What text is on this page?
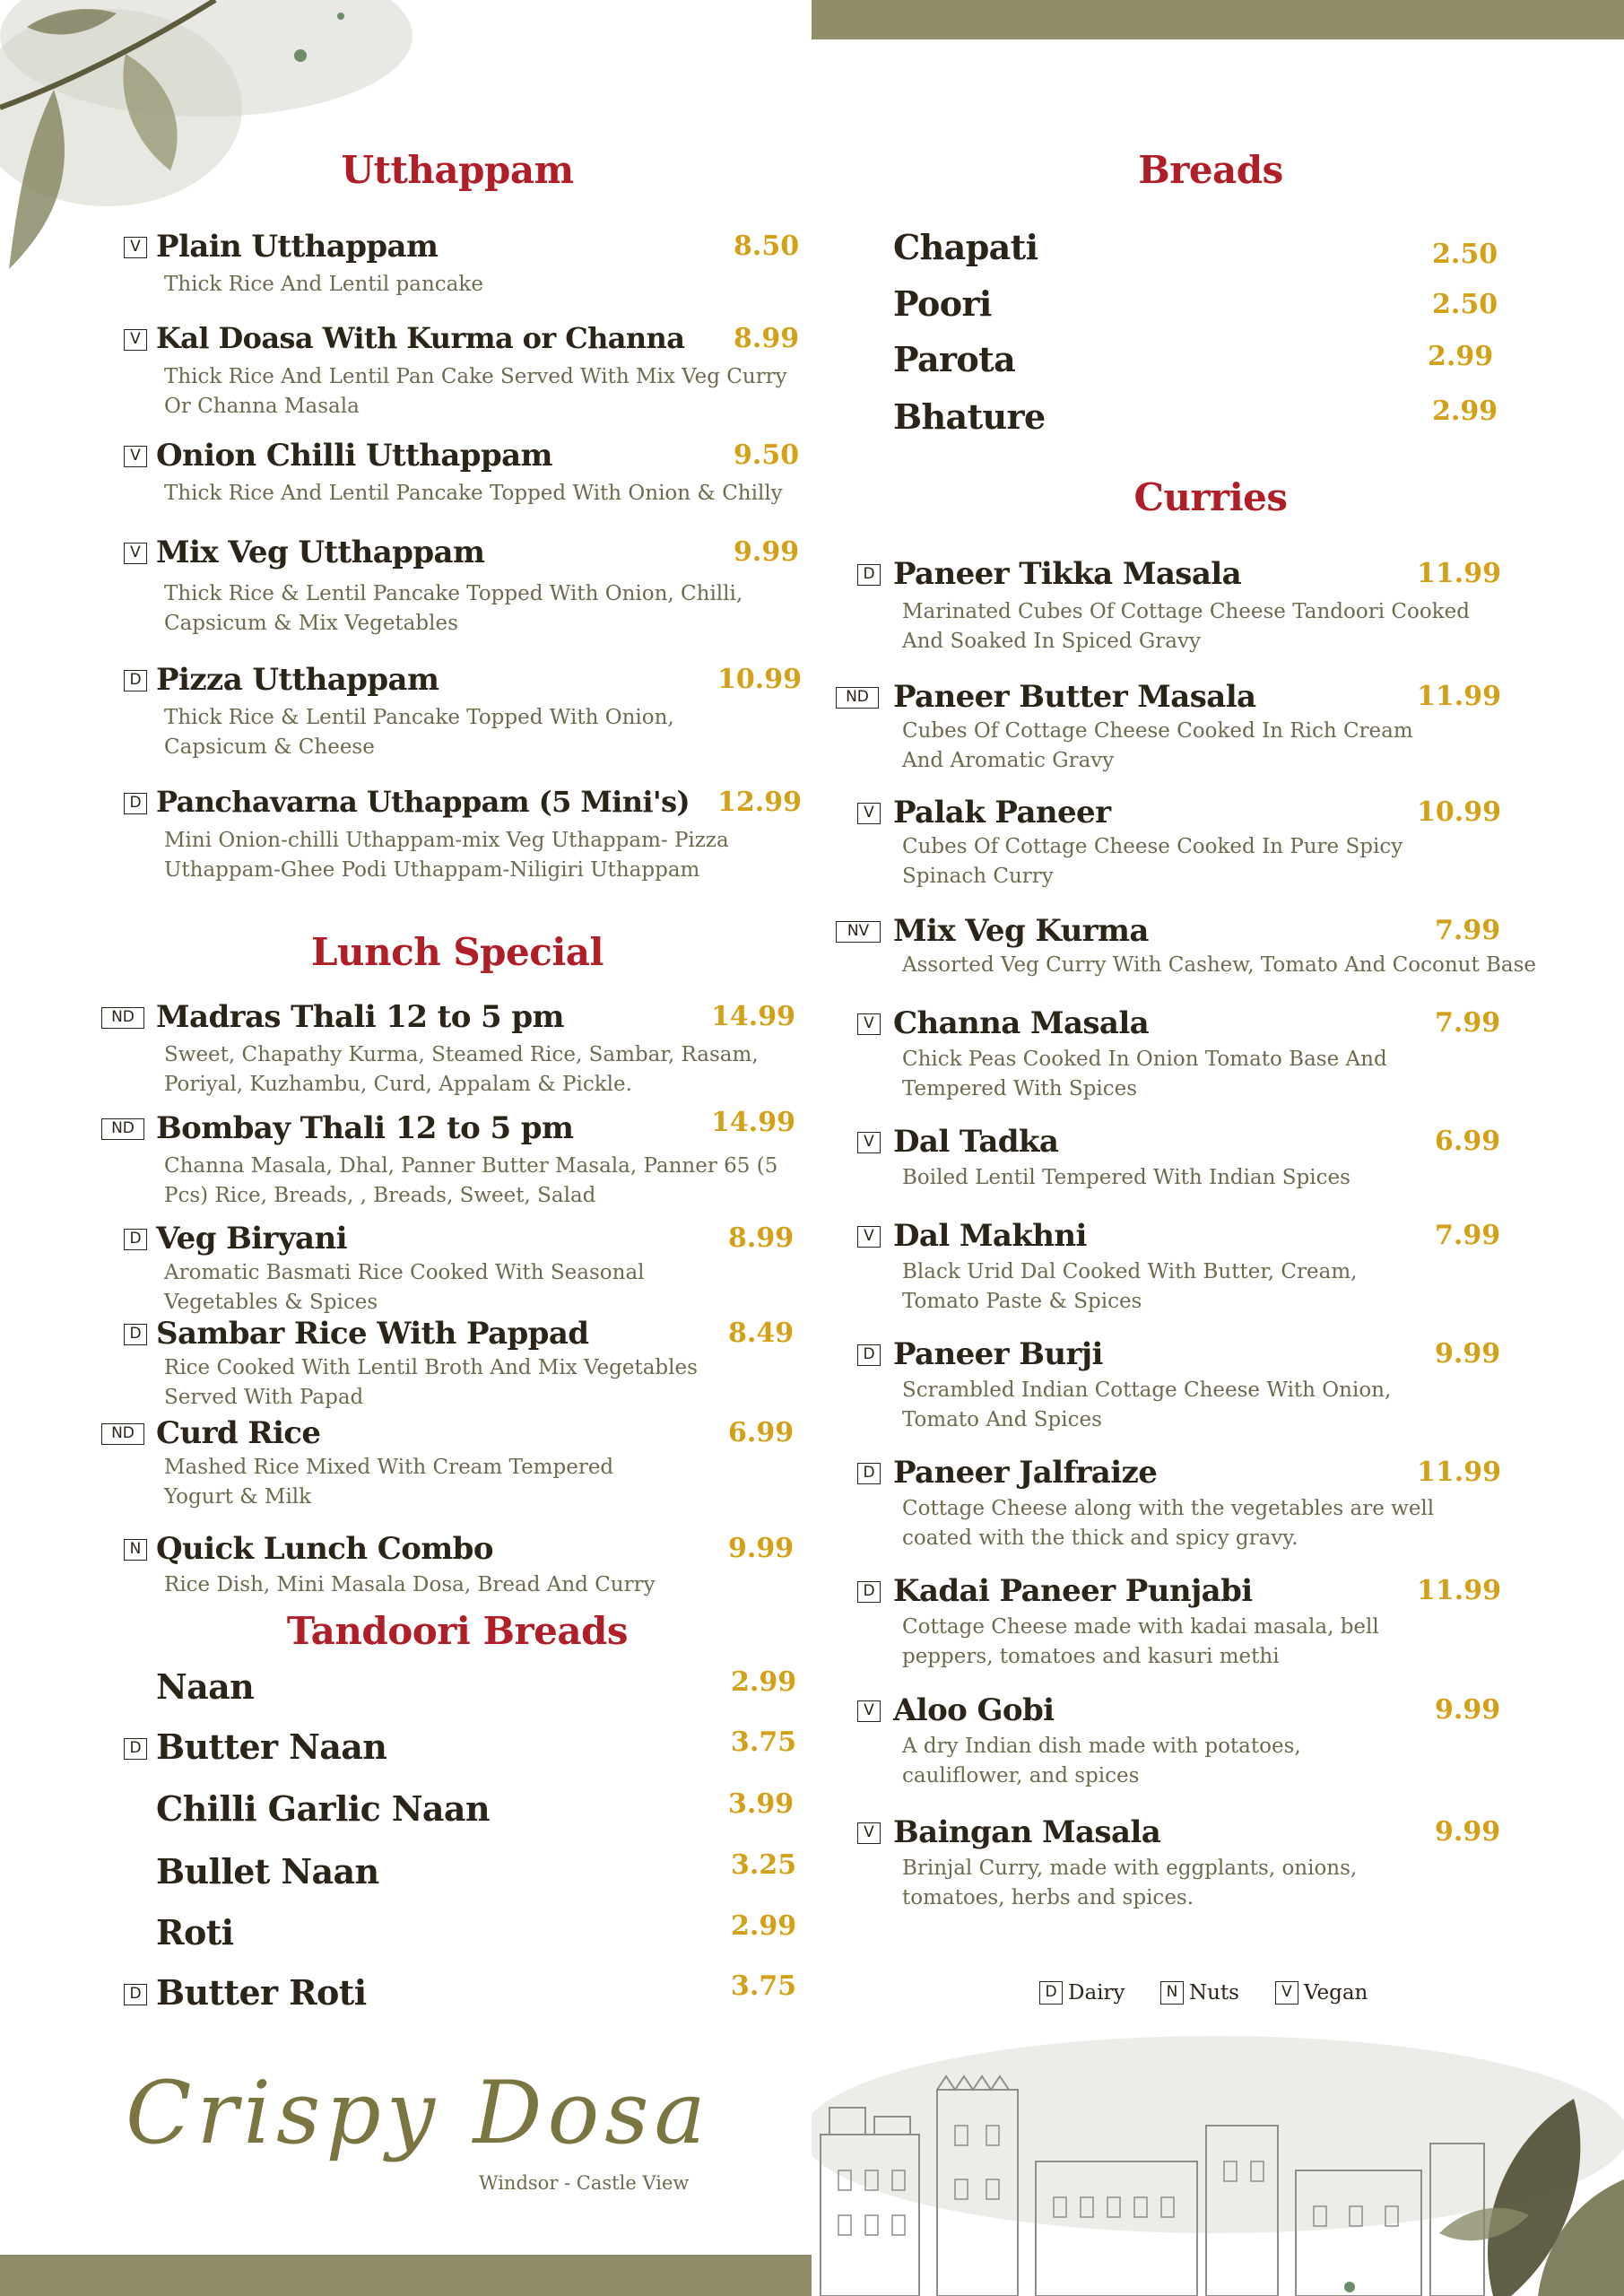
Utthappam
V Plain Utthappam	8.50
Thick Rice And Lentil pancake
V Kal Doasa With Kurma or Channa 8.99
Thick Rice And Lentil Pan Cake Served With Mix Veg Curry Or Channa Masala
V Onion Chilli Utthappam	9.50
Thick Rice And Lentil Pancake Topped With Onion & Chilly
V Mix Veg Utthappam	9.99
Thick Rice & Lentil Pancake Topped With Onion, Chilli, Capsicum & Mix Vegetables
D Pizza Utthappam	10.99
Thick Rice & Lentil Pancake Topped With Onion, Capsicum & Cheese
D Panchavarna Uthappam (5 Mini's) 12.99
Mini Onion-chilli Uthappam-mix Veg Uthappam- Pizza Uthappam-Ghee Podi Uthappam-Niligiri Uthappam
Lunch Special
ND Madras Thali 12 to 5 pm	14.99
Sweet, Chapathy Kurma, Steamed Rice, Sambar, Rasam, Poriyal, Kuzhambu, Curd, Appalam & Pickle.
ND Bombay Thali 12 to 5 pm	14.99
Channa Masala, Dhal, Panner Butter Masala, Panner 65 (5 Pcs) Rice, Breads, , Breads, Sweet, Salad
D Veg Biryani	8.99
Aromatic Basmati Rice Cooked With Seasonal Vegetables & Spices
D Sambar Rice With Pappad	8.49
Rice Cooked With Lentil Broth And Mix Vegetables Served With Papad
ND Curd Rice	6.99
Mashed Rice Mixed With Cream Tempered Yogurt & Milk
N Quick Lunch Combo	9.99
Rice Dish, Mini Masala Dosa, Bread And Curry
Tandoori Breads
Naan	2.99
D Butter Naan	3.75
Chilli Garlic Naan	3.99
Bullet Naan	3.25
Roti	2.99
D Butter Roti	3.75
Crispy Dosa
Windsor - Castle View
Breads
Chapati	2.50
Poori	2.50
Parota	2.99
Bhature	2.99
Curries
D Paneer Tikka Masala	11.99
Marinated Cubes Of Cottage Cheese Tandoori Cooked And Soaked In Spiced Gravy
ND Paneer Butter Masala	11.99
Cubes Of Cottage Cheese Cooked In Rich Cream And Aromatic Gravy
V Palak Paneer	10.99
Cubes Of Cottage Cheese Cooked In Pure Spicy Spinach Curry
NV Mix Veg Kurma	7.99
Assorted Veg Curry With Cashew, Tomato And Coconut Base
V Channa Masala	7.99
Chick Peas Cooked In Onion Tomato Base And Tempered With Spices
V Dal Tadka	6.99
Boiled Lentil Tempered With Indian Spices
V Dal Makhni	7.99
Black Urid Dal Cooked With Butter, Cream, Tomato Paste & Spices
D Paneer Burji	9.99
Scrambled Indian Cottage Cheese With Onion, Tomato And Spices
D Paneer Jalfraize	11.99
Cottage Cheese along with the vegetables are well coated with the thick and spicy gravy.
D Kadai Paneer Punjabi	11.99
Cottage Cheese made with kadai masala, bell peppers, tomatoes and kasuri methi
V Aloo Gobi	9.99
A dry Indian dish made with potatoes, cauliflower, and spices
V Baingan Masala	9.99
Brinjal Curry, made with eggplants, onions, tomatoes, herbs and spices.
D Dairy	N Nuts	V Vegan
